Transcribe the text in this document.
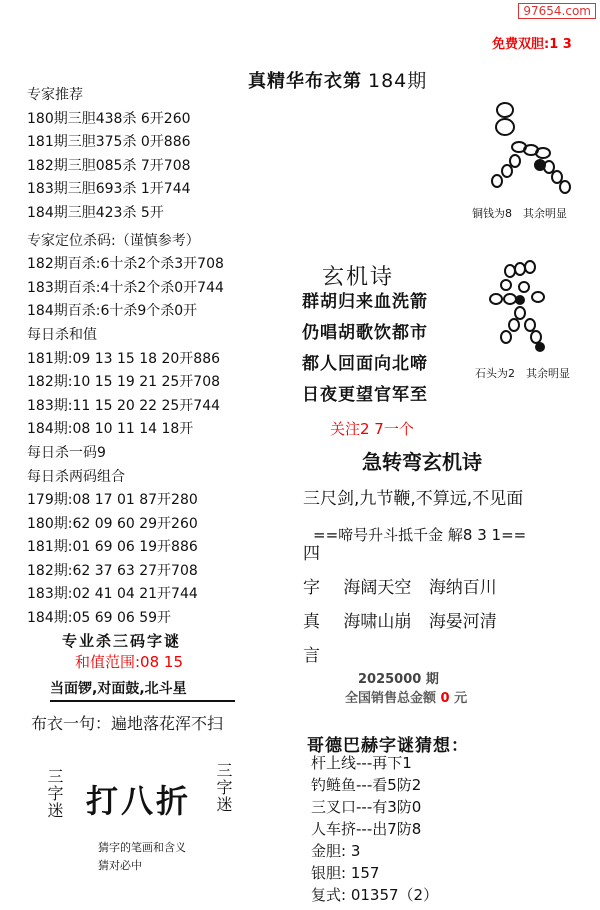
97654.com
免费双胆:1 3
真精华布衣第 184期
专家推荐
180期三胆438杀 6开260
181期三胆375杀 0开886
182期三胆085杀 7开708
183期三胆693杀 1开744
184期三胆423杀 5开
专家定位杀码:（谨慎参考）
182期百杀:6十杀2个杀3开708
183期百杀:4十杀2个杀0开744
184期百杀:6十杀9个杀0开
每日杀和值
181期:09 13 15 18 20开886
182期:10 15 19 21 25开708
183期:11 15 20 22 25开744
184期:08 10 11 14 18开
每日杀一码9
每日杀两码组合
179期:08 17 01 87开280
180期:62 09 60 29开260
181期:01 69 06 19开886
182期:62 37 63 27开708
183期:02 41 04 21开744
184期:05 69 06 59开
专业杀三码字谜
和值范围:08 15
当面锣,对面鼓,北斗星
布衣一句：遍地落花浑不扫
三字迷 打八折 三字迷
猜字的笔画和含义
猜对必中
铜钱为8　其余明显
石头为2　其余明显
玄机诗
群胡归来血洗箭
仍唱胡歌饮都市
都人回面向北啼
日夜更望官军至
关注2 7一个
急转弯玄机诗
三尺剑,九节鞭,不算远,不见面
==啼号升斗抵千金 解8 3 1==
四
字 海阔天空 海纳百川
真 海啸山崩 海晏河清
言
2025000 期
全国销售总金额 0 元
哥德巴赫字谜猜想：
杆上线---再下1
钓鲢鱼---看5防2
三叉口---有3防0
人车挤---出7防8
金胆: 3
银胆: 157
复式: 01357（2）
